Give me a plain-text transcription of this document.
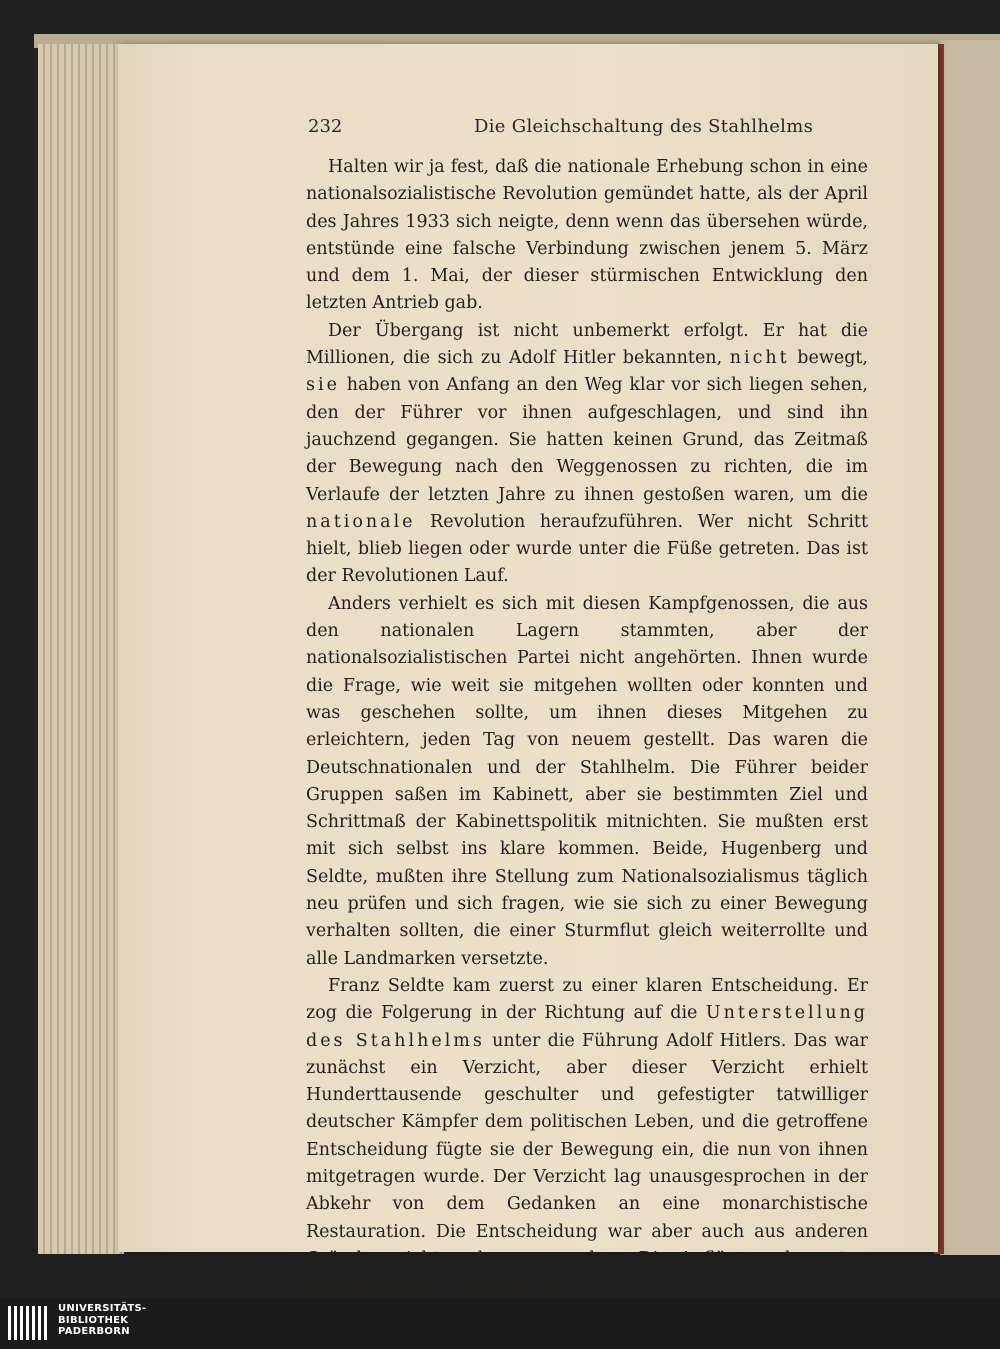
232	Die Gleichschaltung des Stahlhelms

Halten wir ja fest, daß die nationale Erhebung schon in eine nationalsozialistische Revolution gemündet hatte, als der April des Jahres 1933 sich neigte, denn wenn das übersehen würde, entstünde eine falsche Verbindung zwischen jenem 5. März und dem 1. Mai, der dieser stürmischen Entwicklung den letzten Antrieb gab.

Der Übergang ist nicht unbemerkt erfolgt. Er hat die Millionen, die sich zu Adolf Hitler bekannten, nicht bewegt, sie haben von Anfang an den Weg klar vor sich liegen sehen, den der Führer vor ihnen aufgeschlagen, und sind ihn jauchzend gegangen. Sie hatten keinen Grund, das Zeitmaß der Bewegung nach den Weggenossen zu richten, die im Verlaufe der letzten Jahre zu ihnen gestoßen waren, um die nationale Revolution heraufzuführen. Wer nicht Schritt hielt, blieb liegen oder wurde unter die Füße getreten. Das ist der Revolutionen Lauf.

Anders verhielt es sich mit diesen Kampfgenossen, die aus den nationalen Lagern stammten, aber der nationalsozialistischen Partei nicht angehörten. Ihnen wurde die Frage, wie weit sie mitgehen wollten oder konnten und was geschehen sollte, um ihnen dieses Mitgehen zu erleichtern, jeden Tag von neuem gestellt. Das waren die Deutschnationalen und der Stahlhelm. Die Führer beider Gruppen saßen im Kabinett, aber sie bestimmten Ziel und Schrittmaß der Kabinettspolitik mitnichten. Sie mußten erst mit sich selbst ins klare kommen. Beide, Hugenberg und Seldte, mußten ihre Stellung zum Nationalsozialismus täglich neu prüfen und sich fragen, wie sie sich zu einer Bewegung verhalten sollten, die einer Sturmflut gleich weiterrollte und alle Landmarken versetzte.

Franz Seldte kam zuerst zu einer klaren Entscheidung. Er zog die Folgerung in der Richtung auf die Unterstellung des Stahlhelms unter die Führung Adolf Hitlers. Das war zunächst ein Verzicht, aber dieser Verzicht erhielt Hunderttausende geschulter und gefestigter tatwilliger deutscher Kämpfer dem politischen Leben, und die getroffene Entscheidung fügte sie der Bewegung ein, die nun von ihnen mitgetragen wurde. Der Verzicht lag unausgesprochen in der Abkehr von dem Gedanken an eine monarchistische Restauration. Die Entscheidung war aber auch aus anderen Gründen nicht mehr zu umgehen. Die Auflösung der roten Verbände hatte Tausende von

UNIVERSITÄTS-
BIBLIOTHEK
PADERBORN
